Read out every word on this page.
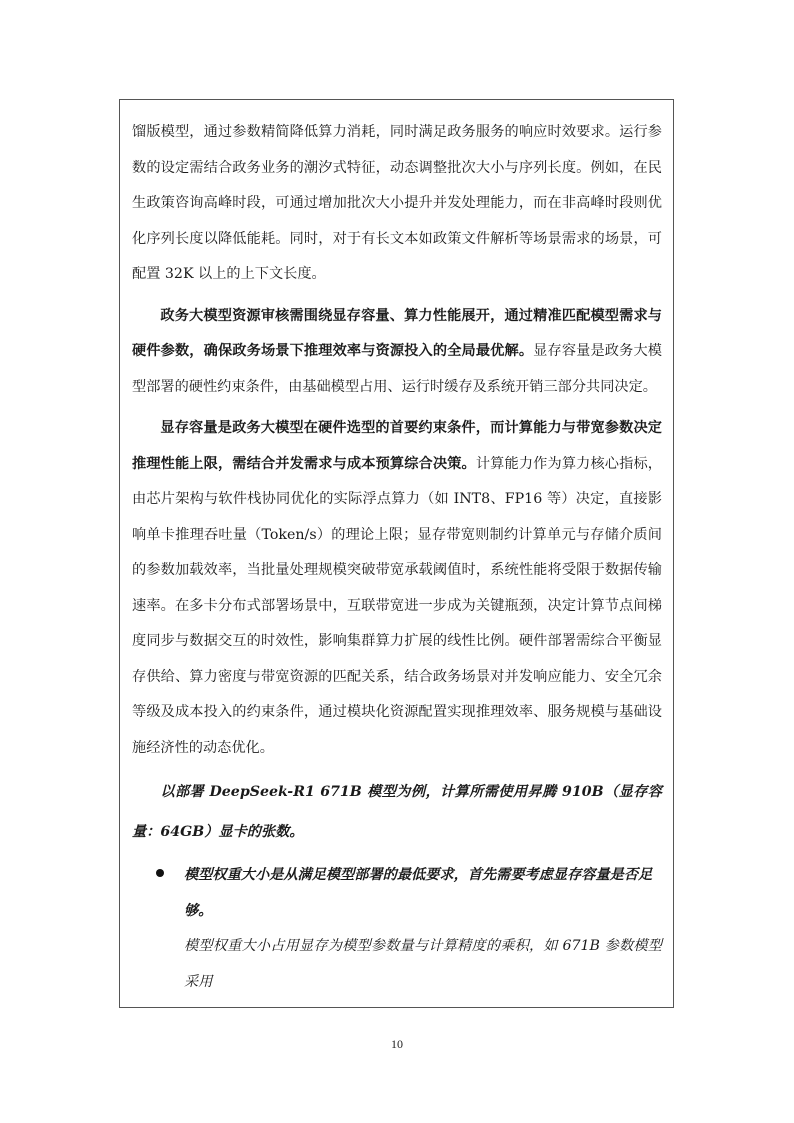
馏版模型，通过参数精简降低算力消耗，同时满足政务服务的响应时效要求。运行参数的设定需结合政务业务的潮汐式特征，动态调整批次大小与序列长度。例如，在民生政策咨询高峰时段，可通过增加批次大小提升并发处理能力，而在非高峰时段则优化序列长度以降低能耗。同时，对于有长文本如政策文件解析等场景需求的场景，可配置 32K 以上的上下文长度。

政务大模型资源审核需围绕显存容量、算力性能展开，通过精准匹配模型需求与硬件参数，确保政务场景下推理效率与资源投入的全局最优解。显存容量是政务大模型部署的硬性约束条件，由基础模型占用、运行时缓存及系统开销三部分共同决定。

显存容量是政务大模型在硬件选型的首要约束条件，而计算能力与带宽参数决定推理性能上限，需结合并发需求与成本预算综合决策。计算能力作为算力核心指标，由芯片架构与软件栈协同优化的实际浮点算力（如 INT8、FP16 等）决定，直接影响单卡推理吞吐量（Token/s）的理论上限；显存带宽则制约计算单元与存储介质间的参数加载效率，当批量处理规模突破带宽承载阈值时，系统性能将受限于数据传输速率。在多卡分布式部署场景中，互联带宽进一步成为关键瓶颈，决定计算节点间梯度同步与数据交互的时效性，影响集群算力扩展的线性比例。硬件部署需综合平衡显存供给、算力密度与带宽资源的匹配关系，结合政务场景对并发响应能力、安全冗余等级及成本投入的约束条件，通过模块化资源配置实现推理效率、服务规模与基础设施经济性的动态优化。

以部署 DeepSeek-R1 671B 模型为例，计算所需使用昇腾 910B（显存容量：64GB）显卡的张数。

模型权重大小是从满足模型部署的最低要求，首先需要考虑显存容量是否足够。

模型权重大小占用显存为模型参数量与计算精度的乘积，如 671B 参数模型采用

10
